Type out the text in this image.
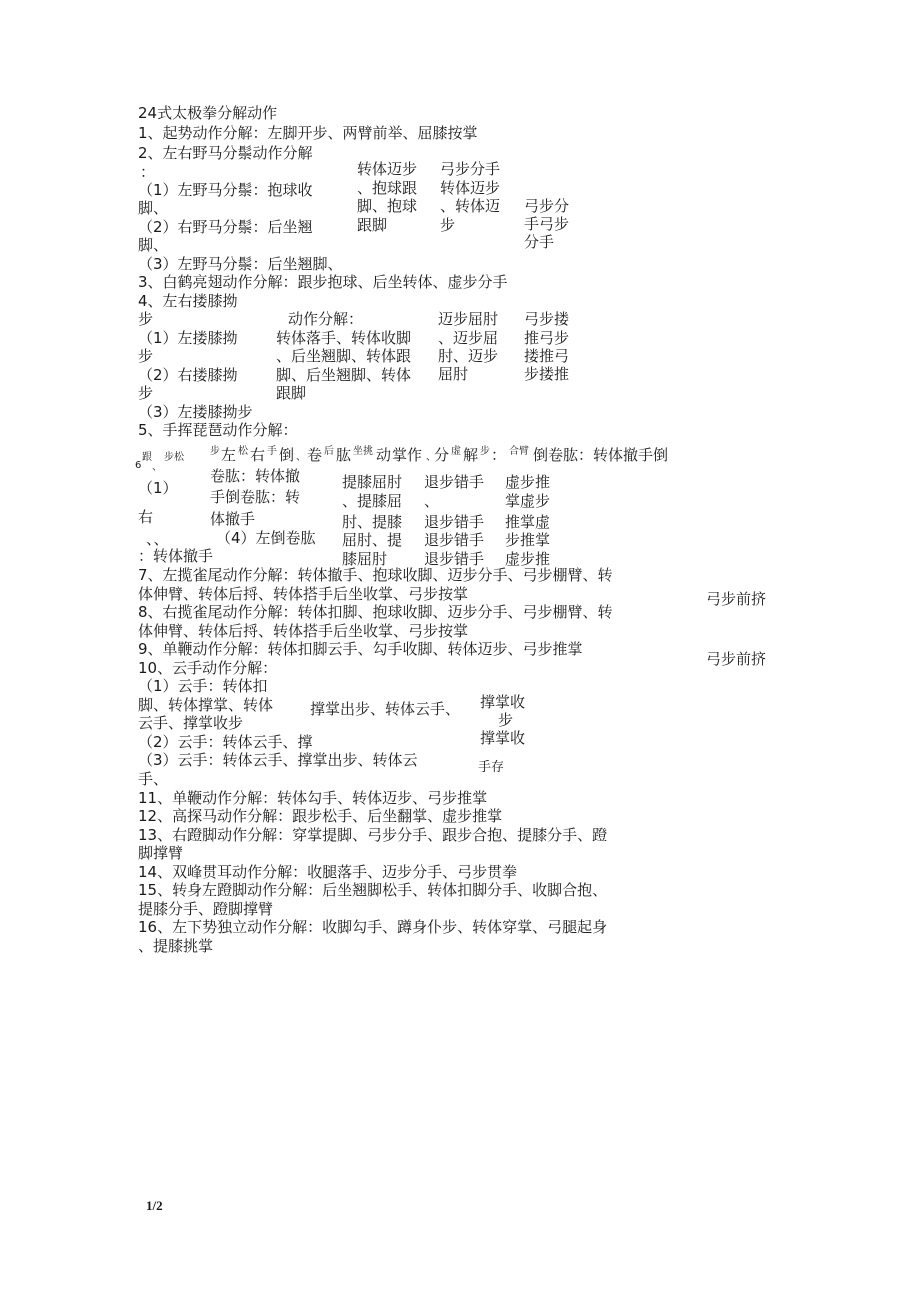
24式太极拳分解动作
1、起势动作分解：左脚开步、两臂前举、屈膝按掌
2、左右野马分鬃动作分解
：
（1）左野马分鬃：抱球收
脚、
（2）右野马分鬃：后坐翘
脚、
转体迈步
、抱球跟
脚、抱球
跟脚
弓步分手
转体迈步
、转体迈
步
弓步分
手弓步
分手
（3）左野马分鬃：后坐翘脚、
3、白鹤亮翅动作分解：跟步抱球、后坐转体、虚步分手
4、左右搂膝拗
步
（1）左搂膝拗
步
（2）右搂膝拗
步
动作分解：
转体落手、转体收脚
、后坐翘脚、转体跟
脚、后坐翘脚、转体
跟脚
迈步屈肘
、迈步屈
肘、迈步
屈肘
弓步搂
推弓步
搂推弓
步搂推
（3）左搂膝拗步
5、手挥琵琶动作分解：
6
跟
、
步松
步 左 松 右 手 倒 、 卷 后 肱 坐挑 动 掌作 、
分 虚 解 步 ： 合臂 倒卷肱：转体撤手倒
（1）
右
、、
：转体撤手
卷肱：转体撤
手倒卷肱：转
体撤手
（4）左倒卷肱
提膝屈肘
、提膝屈
肘、提膝
屈肘、提
膝屈肘
退步错手
、
退步错手
退步错手
退步错手
虚步推
掌虚步
推掌虚
步推掌
虚步推
7、左揽雀尾动作分解：转体撤手、抱球收脚、迈步分手、弓步棚臂、转
体伸臂、转体后捋、转体搭手后坐收掌、弓步按掌	弓步前挤
8、右揽雀尾动作分解：转体扣脚、抱球收脚、迈步分手、弓步棚臂、转
体伸臂、转体后捋、转体搭手后坐收掌、弓步按掌
9、单鞭动作分解：转体扣脚云手、勾手收脚、转体迈步、弓步推掌
弓步前挤
10、云手动作分解：
（1）云手：转体扣
脚、转体撑掌、转体
云手、撑掌收步
撑掌出步、转体云手、 撑掌收
步
撑掌收
（2）云手：转体云手、撑
（3）云手：转体云手、撑掌出步、转体云
手、
手存
11、单鞭动作分解：转体勾手、转体迈步、弓步推掌
12、高探马动作分解：跟步松手、后坐翻掌、虚步推掌
13、右蹬脚动作分解：穿掌提脚、弓步分手、跟步合抱、提膝分手、蹬
脚撑臂
14、双峰贯耳动作分解：收腿落手、迈步分手、弓步贯拳
15、转身左蹬脚动作分解：后坐翘脚松手、转体扣脚分手、收脚合抱、
提膝分手、蹬脚撑臂
16、左下势独立动作分解：收脚勾手、蹲身仆步、转体穿掌、弓腿起身
、提膝挑掌
1/2
